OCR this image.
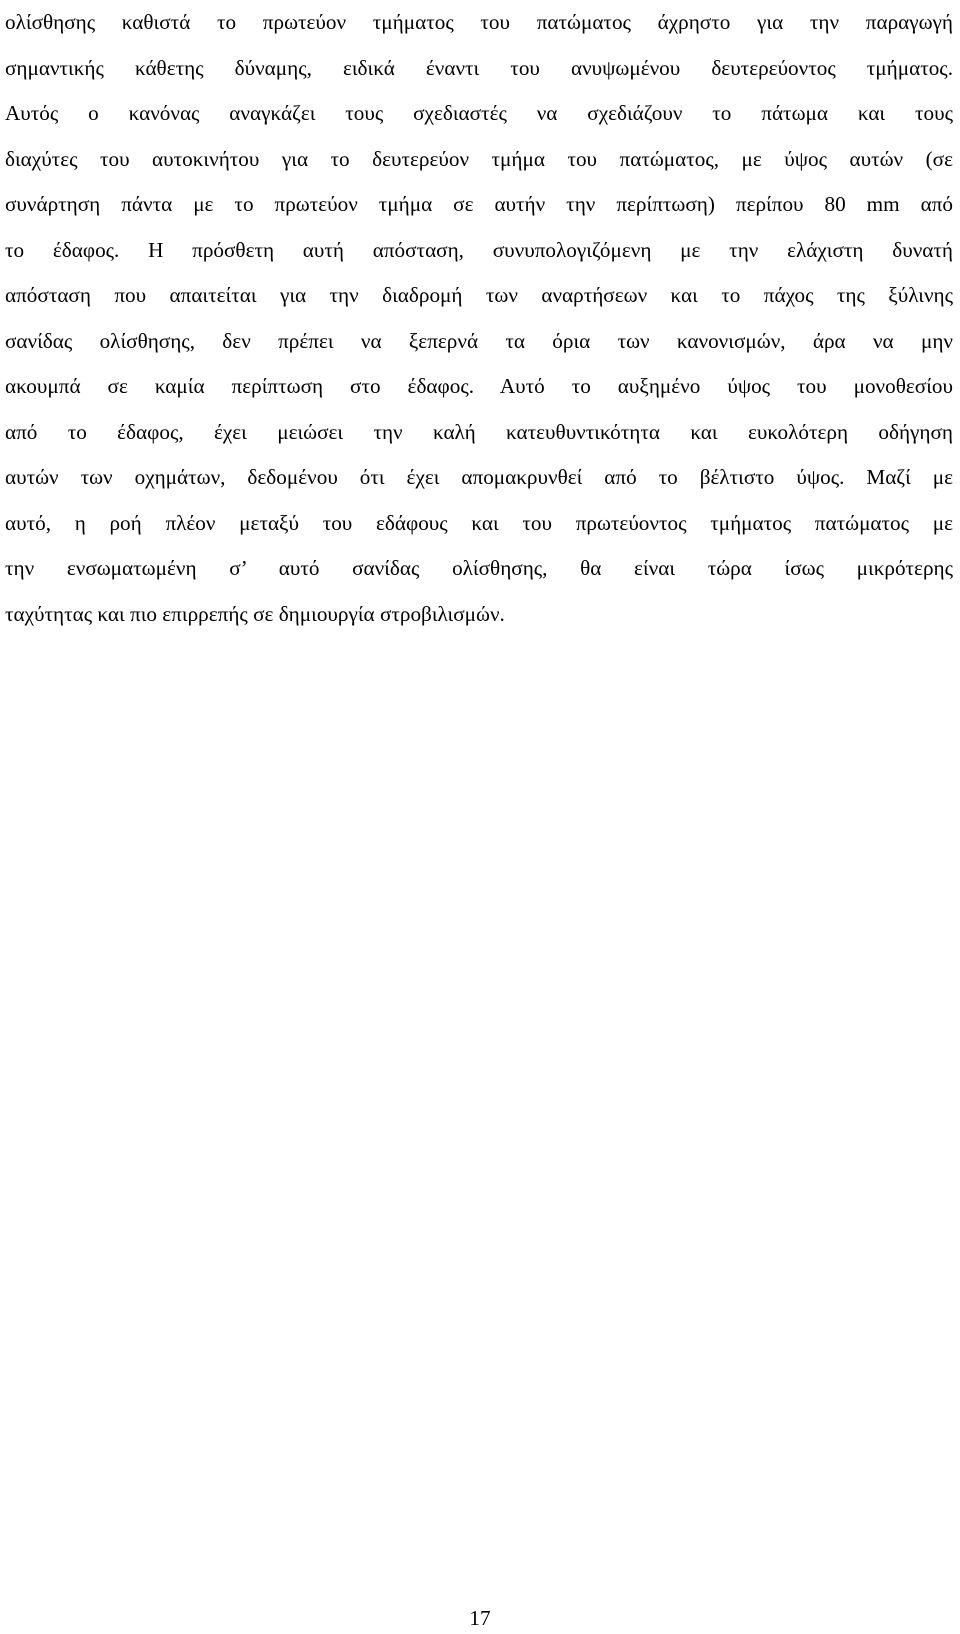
ολίσθησης καθιστά το πρωτεύον τμήματος του πατώματος άχρηστο για την παραγωγή
σημαντικής κάθετης δύναμης, ειδικά έναντι του ανυψωμένου δευτερεύοντος τμήματος.
Αυτός ο κανόνας αναγκάζει τους σχεδιαστές να σχεδιάζουν το πάτωμα και τους
διαχύτες του αυτοκινήτου για το δευτερεύον τμήμα του πατώματος, με ύψος αυτών (σε
συνάρτηση πάντα με το πρωτεύον τμήμα σε αυτήν την περίπτωση) περίπου 80 mm από
το έδαφος. Η πρόσθετη αυτή απόσταση, συνυπολογιζόμενη με την ελάχιστη δυνατή
απόσταση που απαιτείται για την διαδρομή των αναρτήσεων και το πάχος της ξύλινης
σανίδας ολίσθησης, δεν πρέπει να ξεπερνά τα όρια των κανονισμών, άρα να μην
ακουμπά σε καμία περίπτωση στο έδαφος. Αυτό το αυξημένο ύψος του μονοθεσίου
από το έδαφος, έχει μειώσει την καλή κατευθυντικότητα και ευκολότερη οδήγηση
αυτών των οχημάτων, δεδομένου ότι έχει απομακρυνθεί από το βέλτιστο ύψος. Μαζί με
αυτό, η ροή πλέον μεταξύ του εδάφους και του πρωτεύοντος τμήματος πατώματος με
την ενσωματωμένη σ’ αυτό σανίδας ολίσθησης, θα είναι τώρα ίσως μικρότερης
ταχύτητας και πιο επιρρεπής σε δημιουργία στροβιλισμών.
17
